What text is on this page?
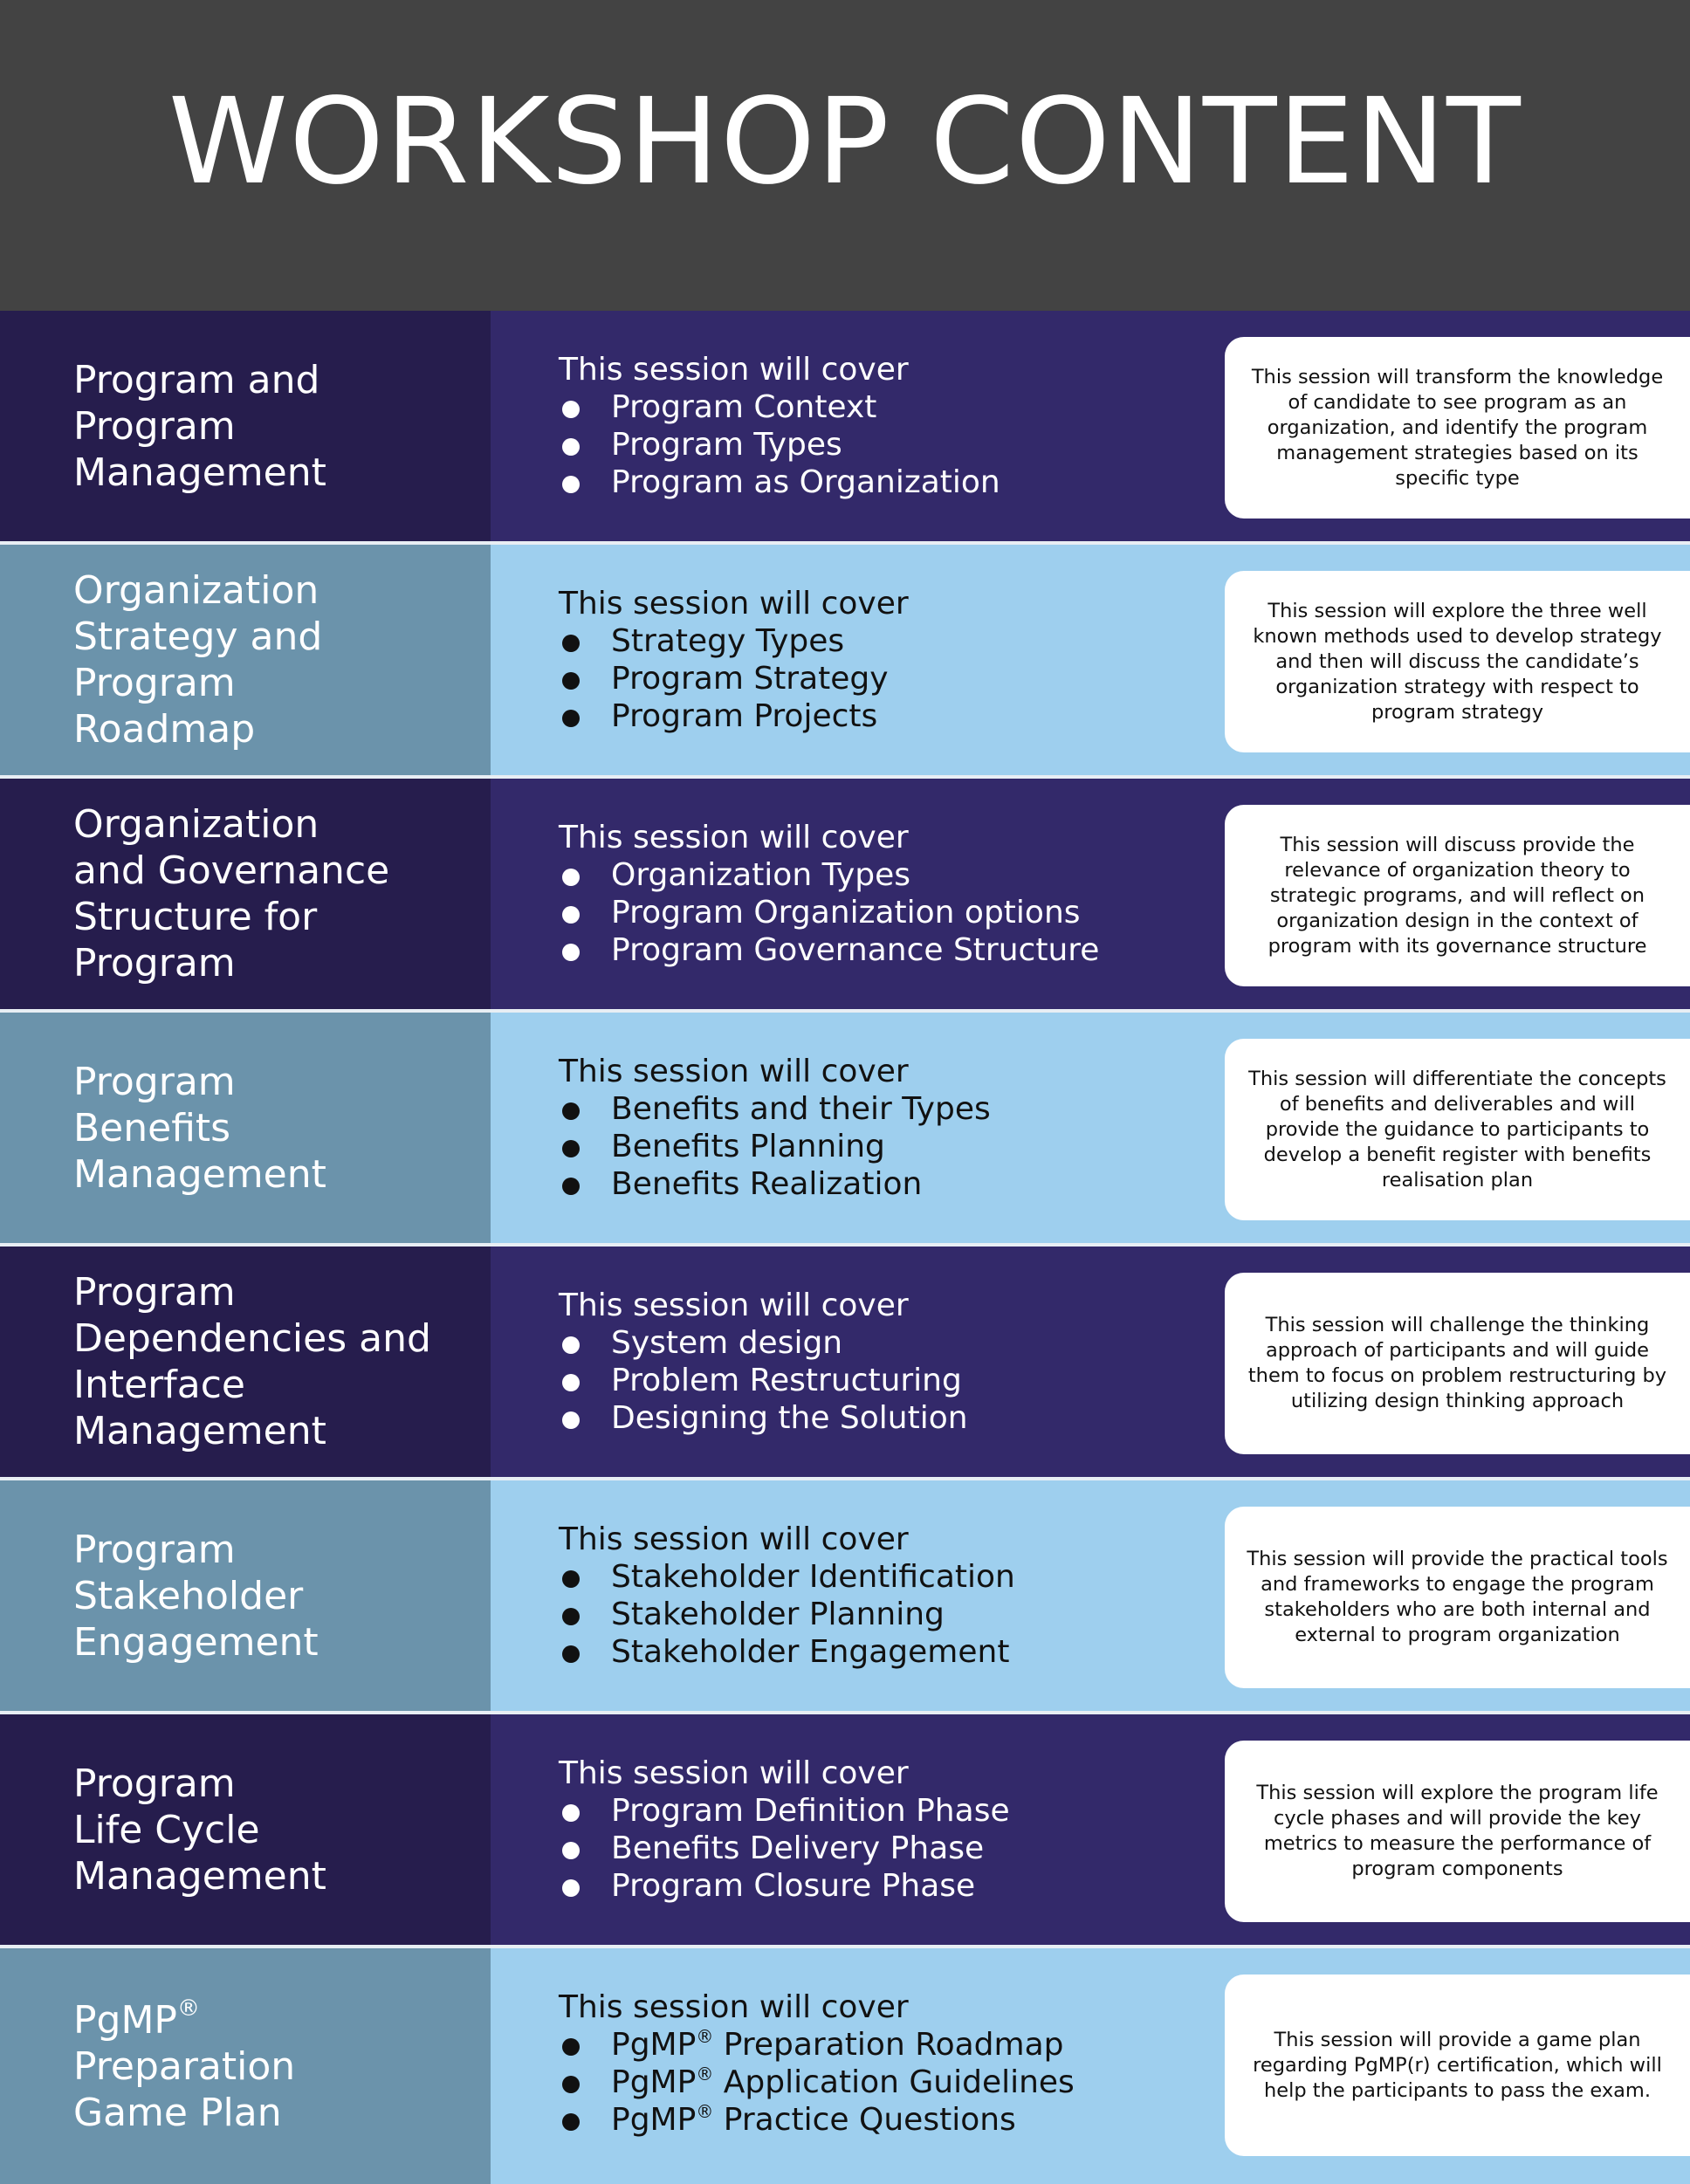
WORKSHOP CONTENT
Program and
Program
Management
This session will cover
Program Context
Program Types
Program as Organization

This session will transform the knowledge of candidate to see program as an organization, and identify the program management strategies based on its specific type

Organization
Strategy and
Program
Roadmap
This session will cover
Strategy Types
Program Strategy
Program Projects

This session will explore the three well known methods used to develop strategy and then will discuss the candidate’s organization strategy with respect to program strategy

Organization
and Governance
Structure for
Program
This session will cover
Organization Types
Program Organization options
Program Governance Structure

This session will discuss provide the relevance of organization theory to strategic programs, and will reflect on organization design in the context of program with its governance structure

Program
Benefits
Management
This session will cover
Benefits and their Types
Benefits Planning
Benefits Realization

This session will differentiate the concepts of benefits and deliverables and will provide the guidance to participants to develop a benefit register with benefits realisation plan

Program
Dependencies and
Interface
Management
This session will cover
System design
Problem Restructuring
Designing the Solution

This session will challenge the thinking approach of participants and will guide them to focus on problem restructuring by utilizing design thinking approach

Program
Stakeholder
Engagement
This session will cover
Stakeholder Identification
Stakeholder Planning
Stakeholder Engagement

This session will provide the practical tools and frameworks to engage the program stakeholders who are both internal and external to program organization

Program
Life Cycle
Management
This session will cover
Program Definition Phase
Benefits Delivery Phase
Program Closure Phase

This session will explore the program life cycle phases and will provide the key metrics to measure the performance of program components

PgMP®
Preparation
Game Plan
This session will cover
PgMP® Preparation Roadmap
PgMP® Application Guidelines
PgMP® Practice Questions

This session will provide a game plan regarding PgMP(r) certification, which will help the participants to pass the exam.
